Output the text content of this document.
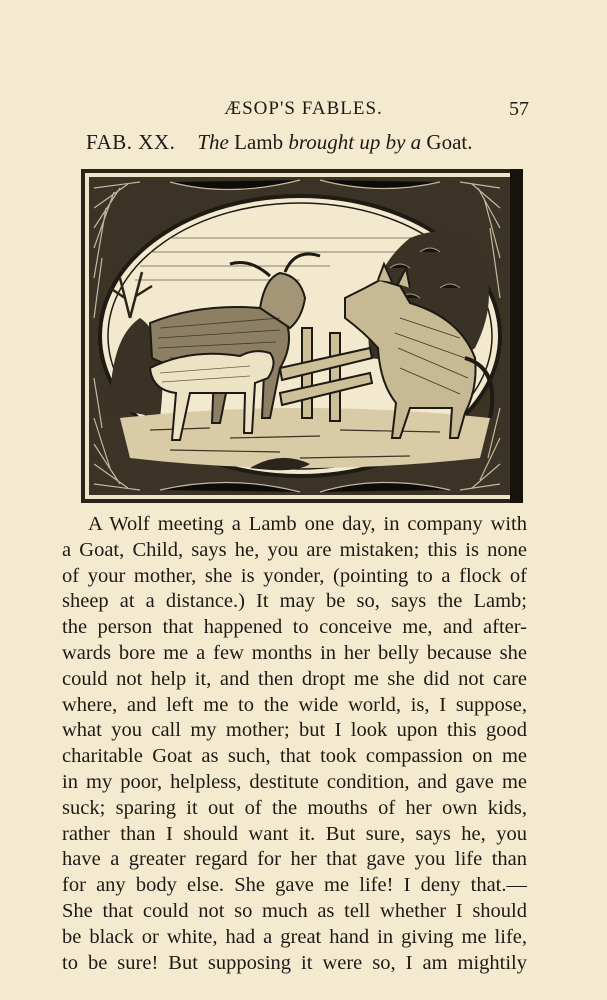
ÆSOP'S FABLES.	57
FAB. XX. The Lamb brought up by a Goat.
A Wolf meeting a Lamb one day, in company with
a Goat, Child, says he, you are mistaken; this is none
of your mother, she is yonder, (pointing to a flock of
sheep at a distance.) It may be so, says the Lamb;
the person that happened to conceive me, and after-
wards bore me a few months in her belly because she
could not help it, and then dropt me she did not care
where, and left me to the wide world, is, I suppose,
what you call my mother; but I look upon this good
charitable Goat as such, that took compassion on me
in my poor, helpless, destitute condition, and gave me
suck; sparing it out of the mouths of her own kids,
rather than I should want it. But sure, says he, you
have a greater regard for her that gave you life than
for any body else. She gave me life! I deny that.—
She that could not so much as tell whether I should
be black or white, had a great hand in giving me life,
to be sure! But supposing it were so, I am mightily
